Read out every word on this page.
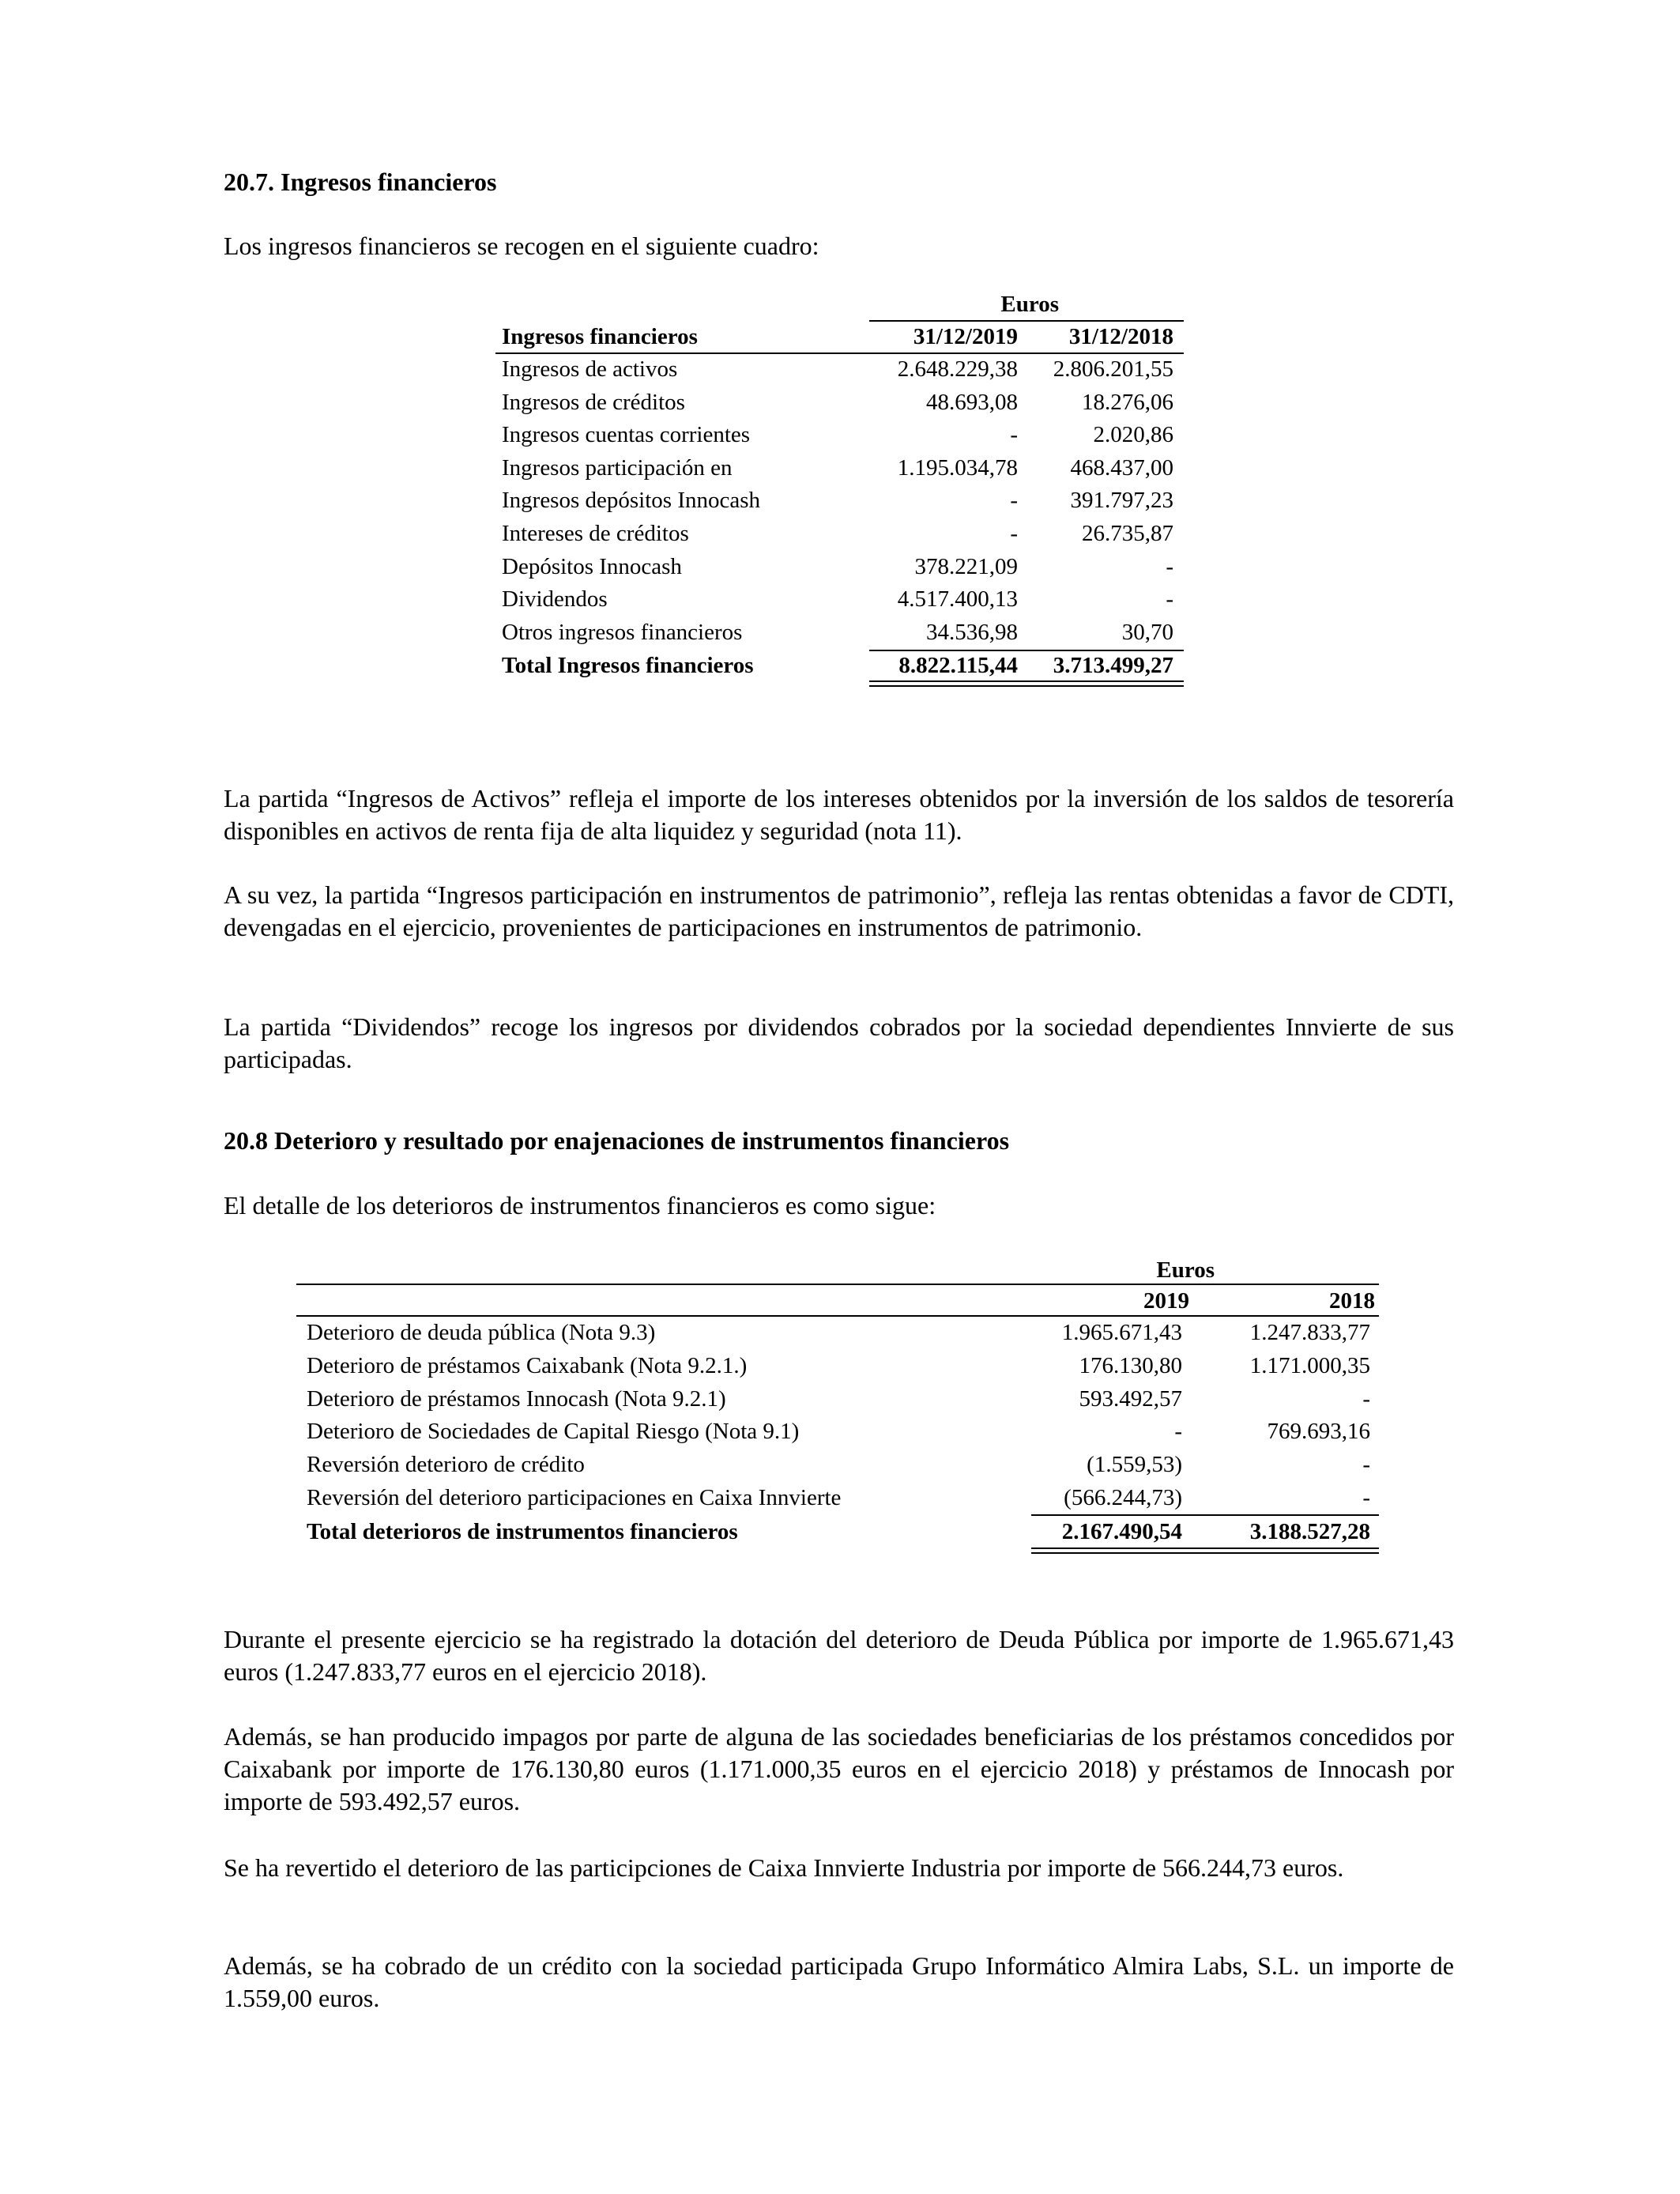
20.7. Ingresos financieros
Los ingresos financieros se recogen en el siguiente cuadro:
Euros
Ingresos financieros	31/12/2019	31/12/2018
Ingresos de activos	2.648.229,38	2.806.201,55
Ingresos de créditos	48.693,08	18.276,06
Ingresos cuentas corrientes	-	2.020,86
Ingresos participación en	1.195.034,78	468.437,00
Ingresos depósitos Innocash	-	391.797,23
Intereses de créditos	-	26.735,87
Depósitos Innocash	378.221,09	-
Dividendos	4.517.400,13	-
Otros ingresos financieros	34.536,98	30,70
Total Ingresos financieros	8.822.115,44	3.713.499,27
La partida “Ingresos de Activos” refleja el importe de los intereses obtenidos por la inversión de los saldos de tesorería disponibles en activos de renta fija de alta liquidez y seguridad (nota 11).
A su vez, la partida “Ingresos participación en instrumentos de patrimonio”, refleja las rentas obtenidas a favor de CDTI, devengadas en el ejercicio, provenientes de participaciones en instrumentos de patrimonio.
La partida “Dividendos” recoge los ingresos por dividendos cobrados por la sociedad dependientes Innvierte de sus participadas.
20.8 Deterioro y resultado por enajenaciones de instrumentos financieros
El detalle de los deterioros de instrumentos financieros es como sigue:
Euros
2019	2018
Deterioro de deuda pública (Nota 9.3)	1.965.671,43	1.247.833,77
Deterioro de préstamos Caixabank (Nota 9.2.1.)	176.130,80	1.171.000,35
Deterioro de préstamos Innocash (Nota 9.2.1)	593.492,57	-
Deterioro de Sociedades de Capital Riesgo (Nota 9.1)	-	769.693,16
Reversión deterioro de crédito	(1.559,53)	-
Reversión del deterioro participaciones en Caixa Innvierte	(566.244,73)	-
Total deterioros de instrumentos financieros	2.167.490,54	3.188.527,28
Durante el presente ejercicio se ha registrado la dotación del deterioro de Deuda Pública por importe de 1.965.671,43 euros (1.247.833,77 euros en el ejercicio 2018).
Además, se han producido impagos por parte de alguna de las sociedades beneficiarias de los préstamos concedidos por Caixabank por importe de 176.130,80 euros (1.171.000,35 euros en el ejercicio 2018) y préstamos de Innocash por importe de 593.492,57 euros.
Se ha revertido el deterioro de las participciones de Caixa Innvierte Industria por importe de 566.244,73 euros.
Además, se ha cobrado de un crédito con la sociedad participada Grupo Informático Almira Labs, S.L. un importe de 1.559,00 euros.
